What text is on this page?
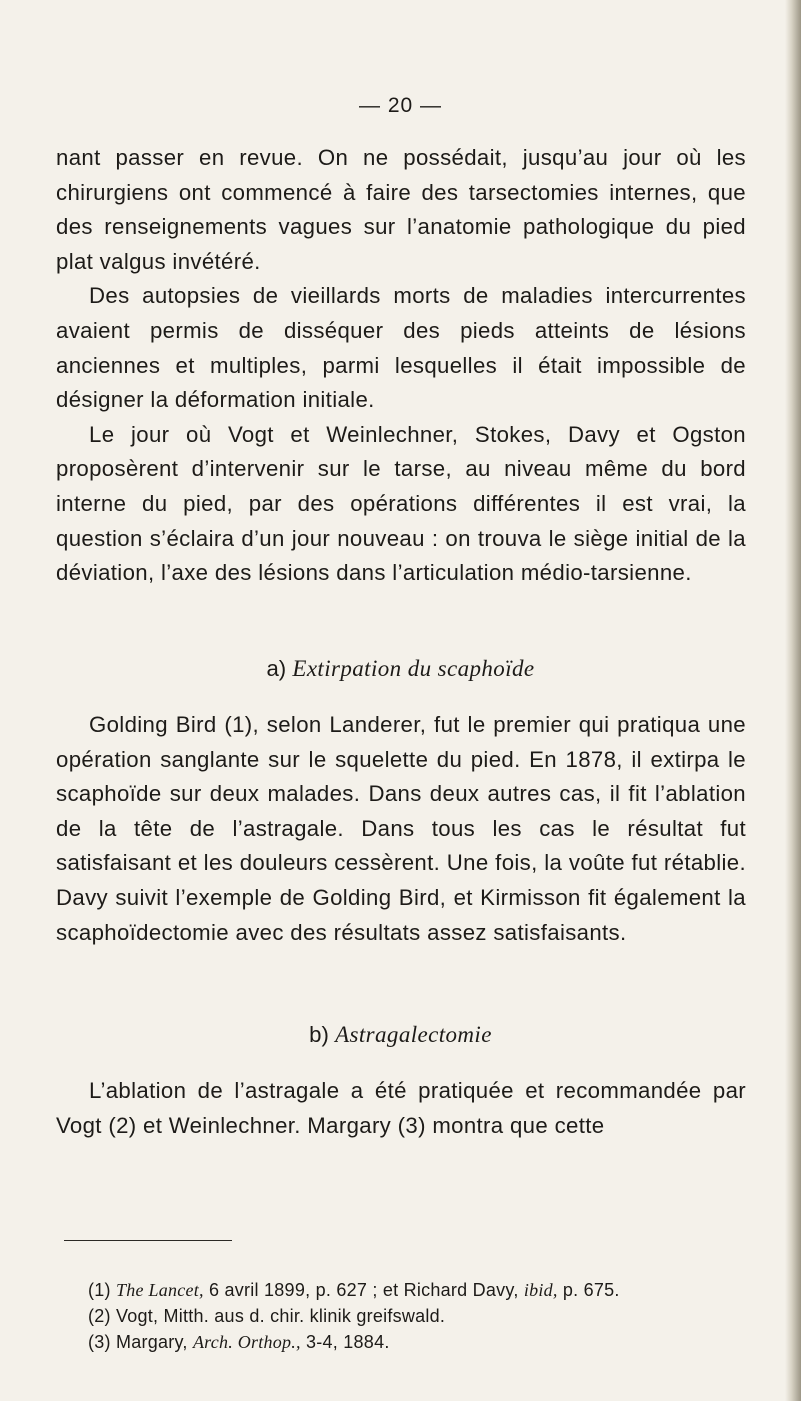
— 20 —

nant passer en revue. On ne possédait, jusqu’au jour où les chirurgiens ont commencé à faire des tarsectomies internes, que des renseignements vagues sur l’anatomie pathologique du pied plat valgus invétéré.

Des autopsies de vieillards morts de maladies intercurrentes avaient permis de disséquer des pieds atteints de lésions anciennes et multiples, parmi lesquelles il était impossible de désigner la déformation initiale.

Le jour où Vogt et Weinlechner, Stokes, Davy et Ogston proposèrent d’intervenir sur le tarse, au niveau même du bord interne du pied, par des opérations différentes il est vrai, la question s’éclaira d’un jour nouveau : on trouva le siège initial de la déviation, l’axe des lésions dans l’articulation médio-tarsienne.

a) Extirpation du scaphoïde

Golding Bird (1), selon Landerer, fut le premier qui pratiqua une opération sanglante sur le squelette du pied. En 1878, il extirpa le scaphoïde sur deux malades. Dans deux autres cas, il fit l’ablation de la tête de l’astragale. Dans tous les cas le résultat fut satisfaisant et les douleurs cessèrent. Une fois, la voûte fut rétablie. Davy suivit l’exemple de Golding Bird, et Kirmisson fit également la scaphoïdectomie avec des résultats assez satisfaisants.

b) Astragalectomie

L’ablation de l’astragale a été pratiquée et recommandée par Vogt (2) et Weinlechner. Margary (3) montra que cette

(1) The Lancet, 6 avril 1899, p. 627 ; et Richard Davy, ibid, p. 675.
(2) Vogt, Mitth. aus d. chir. klinik greifswald.
(3) Margary, Arch. Orthop., 3-4, 1884.
